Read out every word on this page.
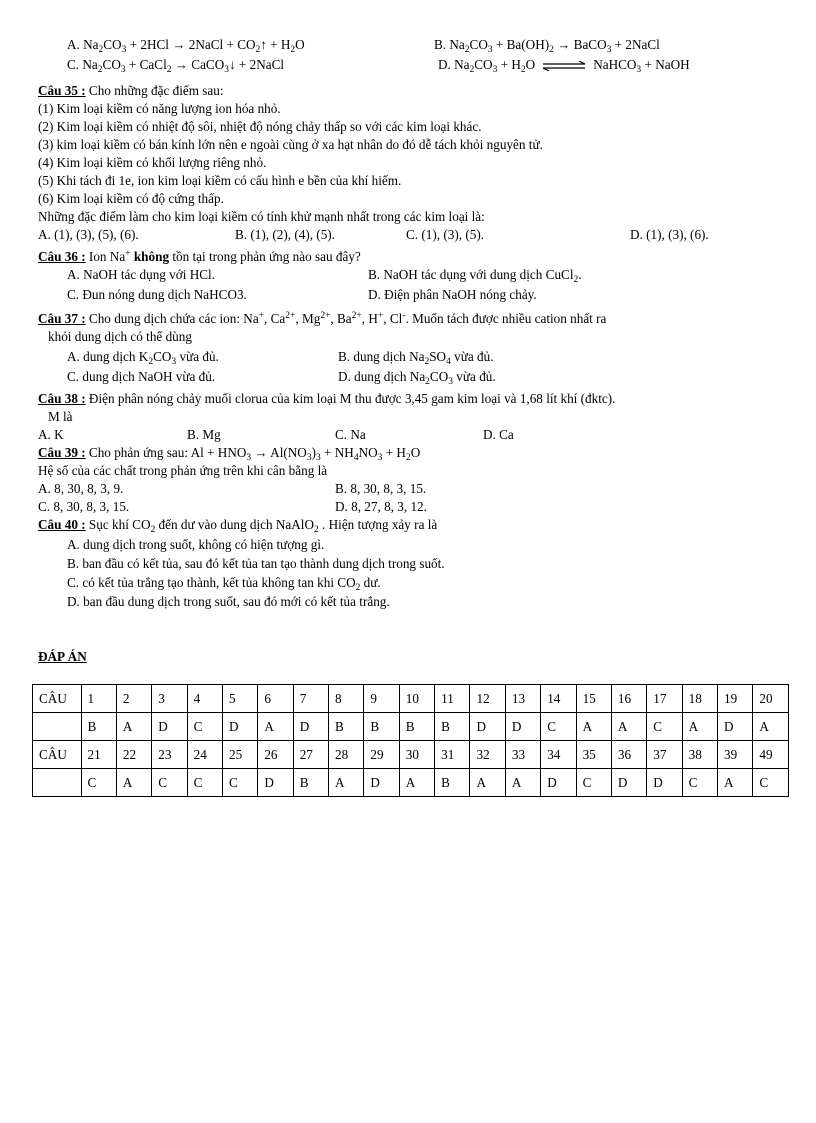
A. $Na_2CO_3 + 2HCl$ → 2NaCl + $CO_2↑ + H_2O$	B. $Na_2CO_3 + Ba(OH)_2$ → BaCO$_3$ + 2NaCl
C. $Na_2CO_3$ + CaCl$_2$ → CaCO$_3$↓ + 2NaCl	D. $Na_2CO_3 + H_2O$ ⇌ NaHCO$_3$ + NaOH
Câu 35 : Cho những đặc điểm sau:
(1) Kim loại kiềm có năng lượng ion hóa nhỏ.
(2) Kim loại kiềm có nhiệt độ sôi, nhiệt độ nóng chảy thấp so với các kim loại khác.
(3) kim loại kiềm có bán kính lớn nên e ngoài cùng ở xa hạt nhân do đó dễ tách khỏi nguyên tử.
(4) Kim loại kiềm có khối lượng riêng nhỏ.
(5) Khi tách đi 1e, ion kim loại kiềm có cấu hình e bền của khí hiếm.
(6) Kim loại kiềm có độ cứng thấp.
Những đặc điểm làm cho kim loại kiềm có tính khử mạnh nhất trong các kim loại là:
A. (1), (3), (5), (6).	B. (1), (2), (4), (5).	C. (1), (3), (5).	D. (1), (3), (6).
Câu 36 : Ion Na+ không tồn tại trong phản ứng nào sau đây?
A. NaOH tác dụng với HCl.	B. NaOH tác dụng với dung dịch CuCl$_2$.
C. Đun nóng dung dịch NaHCO3.	D. Điện phân NaOH nóng chảy.
Câu 37 : Cho dung dịch chứa các ion: Na+, $Ca^{2+}$, $Mg^{2+}$, $Ba^{2+}$, H+, Cl-. Muốn tách được nhiều cation nhất ra
khỏi dung dịch có thể dùng
A. dung dịch $K_2CO_3$ vừa đủ.	B. dung dịch $Na_2SO_4$ vừa đủ.
C. dung dịch NaOH vừa đủ.	D. dung dịch $Na_2CO_3$ vừa đủ.
Câu 38 : Điện phân nóng chảy muối clorua của kim loại M thu được 3,45 gam kim loại và 1,68 lít khí (đktc).
M là
A. K	B. Mg	C. Na	D. Ca
Câu 39 : Cho phản ứng sau: $Al + HNO_3 \to Al(NO_3)_3 + NH_4NO_3 + H_2O$
Hệ số của các chất trong phản ứng trên khi cân bằng là
A. 8, 30, 8, 3, 9.	B. 8, 30, 8, 3, 15.
C. 8, 30, 8, 3, 15.	D. 8, 27, 8, 3, 12.
Câu 40 : Sục khí $CO_2$ đến dư vào dung dịch NaAlO$_2$ . Hiện tượng xảy ra là
A. dung dịch trong suốt, không có hiện tượng gì.
B. ban đầu có kết tủa, sau đó kết tủa tan tạo thành dung dịch trong suốt.
C. có kết tủa trắng tạo thành, kết tủa không tan khi $CO_2$ dư.
D. ban đầu dung dịch trong suốt, sau đó mới có kết tủa trắng.
ĐÁP ÁN
CÂU	1	2	3	4	5	6	7	8	9	10	11	12	13	14	15	16	17	18	19	20
	B	A	D	C	D	A	D	B	B	B	B	D	D	C	A	A	C	A	D	A
CÂU	21	22	23	24	25	26	27	28	29	30	31	32	33	34	35	36	37	38	39	49
	C	A	C	C	C	D	B	A	D	A	B	A	A	D	C	D	D	C	A	C
